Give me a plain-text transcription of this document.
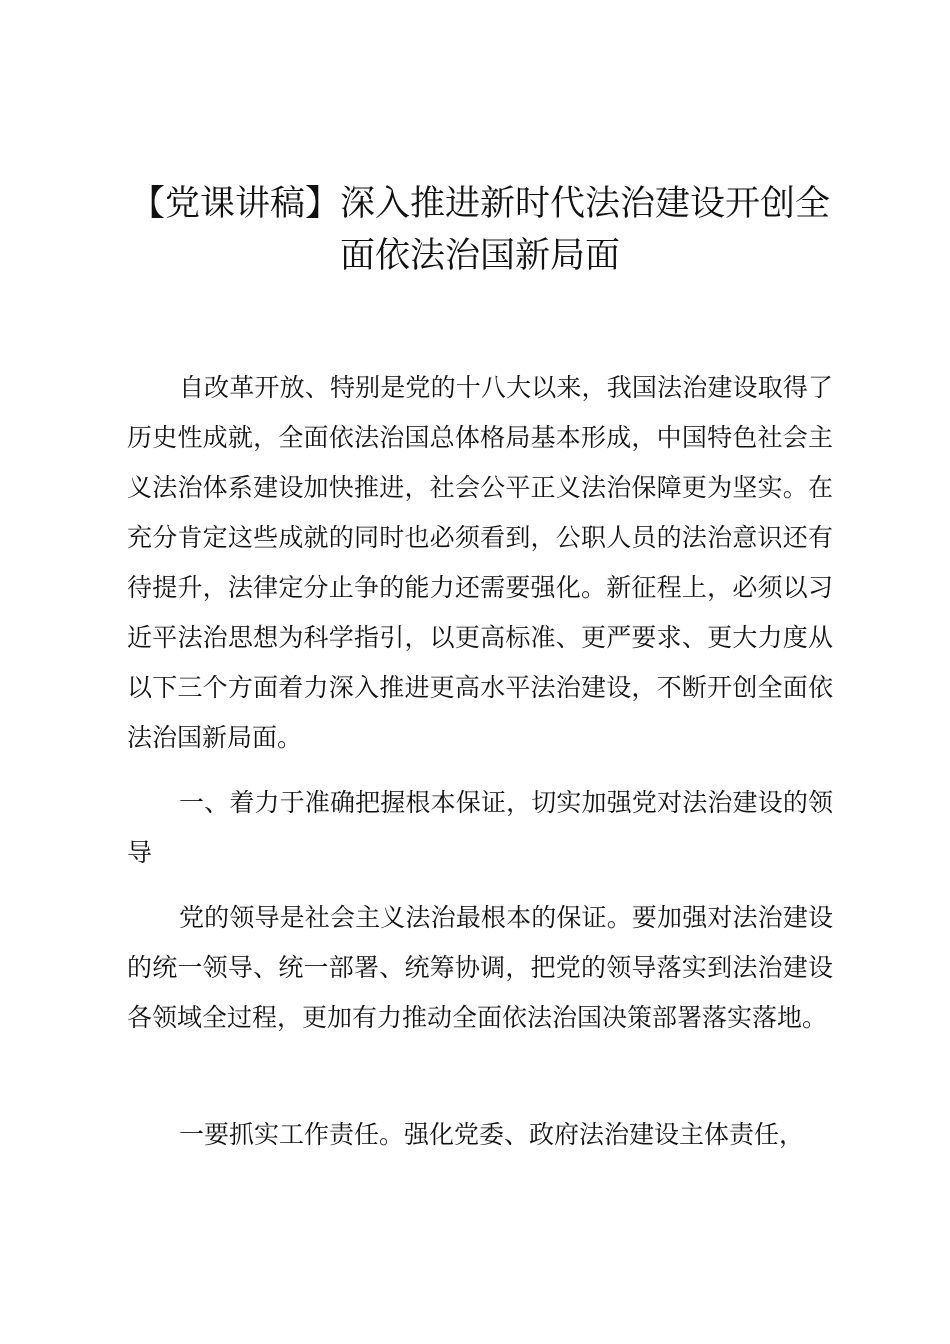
【党课讲稿】深入推进新时代法治建设开创全
面依法治国新局面

自改革开放、特别是党的十八大以来，我国法治建设取得了历史性成就，全面依法治国总体格局基本形成，中国特色社会主义法治体系建设加快推进，社会公平正义法治保障更为坚实。在充分肯定这些成就的同时也必须看到，公职人员的法治意识还有待提升，法律定分止争的能力还需要强化。新征程上，必须以习近平法治思想为科学指引，以更高标准、更严要求、更大力度从以下三个方面着力深入推进更高水平法治建设，不断开创全面依法治国新局面。

一、着力于准确把握根本保证，切实加强党对法治建设的领导

党的领导是社会主义法治最根本的保证。要加强对法治建设的统一领导、统一部署、统筹协调，把党的领导落实到法治建设各领域全过程，更加有力推动全面依法治国决策部署落实落地。

一要抓实工作责任。强化党委、政府法治建设主体责任，
